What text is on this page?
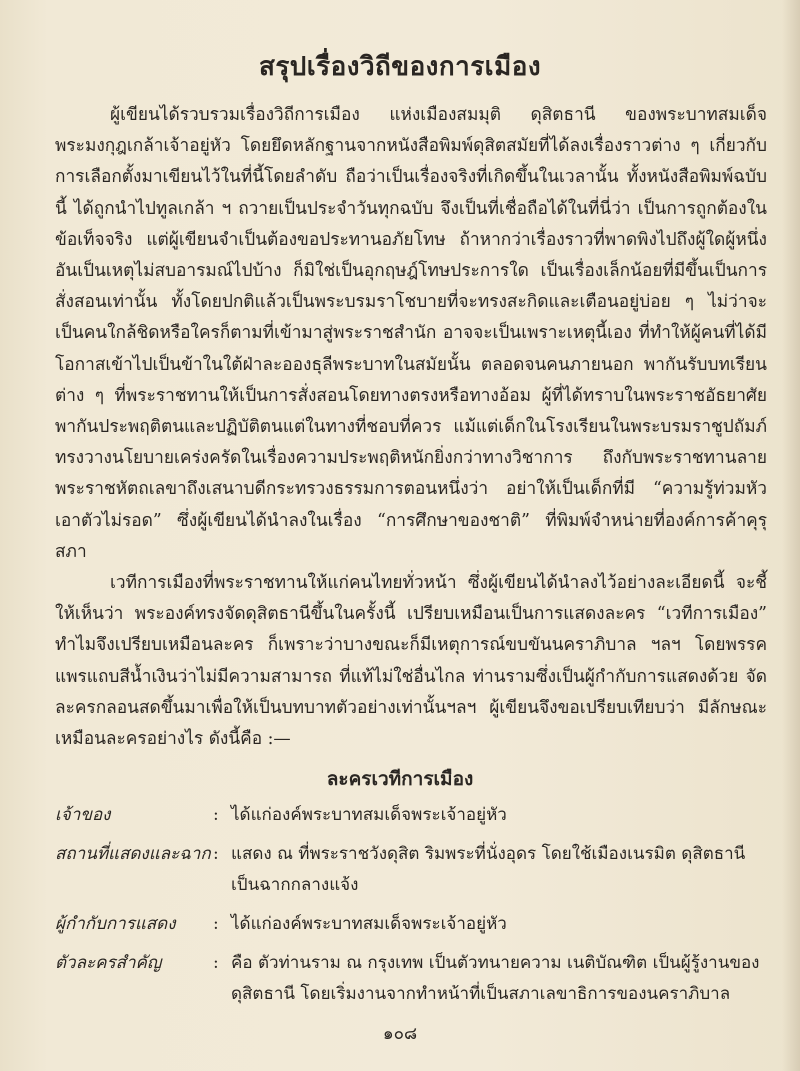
สรุปเรื่องวิถีของการเมือง

ผู้เขียนได้รวบรวมเรื่องวิถีการเมือง แห่งเมืองสมมุติ ดุสิตธานี ของพระบาทสมเด็จพระมงกุฎเกล้าเจ้าอยู่หัว โดยยึดหลักฐานจากหนังสือพิมพ์ดุสิตสมัยที่ได้ลงเรื่องราวต่าง ๆ เกี่ยวกับการเลือกตั้งมาเขียนไว้ในที่นี้โดยลำดับ ถือว่าเป็นเรื่องจริงที่เกิดขึ้นในเวลานั้น ทั้งหนังสือพิมพ์ฉบับนี้ ได้ถูกนำไปทูลเกล้า ฯ ถวายเป็นประจำวันทุกฉบับ จึงเป็นที่เชื่อถือได้ในที่นี่ว่า เป็นการถูกต้องในข้อเท็จจริง แต่ผู้เขียนจำเป็นต้องขอประทานอภัยโทษ ถ้าหากว่าเรื่องราวที่พาดพิงไปถึงผู้ใดผู้หนึ่งอันเป็นเหตุไม่สบอารมณ์ไปบ้าง ก็มิใช่เป็นอุกฤษฎ์โทษประการใด เป็นเรื่องเล็กน้อยที่มีขึ้นเป็นการสั่งสอนเท่านั้น ทั้งโดยปกติแล้วเป็นพระบรมราโชบายที่จะทรงสะกิดและเตือนอยู่บ่อย ๆ ไม่ว่าจะเป็นคนใกล้ชิดหรือใครก็ตามที่เข้ามาสู่พระราชสำนัก อาจจะเป็นเพราะเหตุนี้เอง ที่ทำให้ผู้คนที่ได้มีโอกาสเข้าไปเป็นข้าในใต้ฝ่าละอองธุลีพระบาทในสมัยนั้น ตลอดจนคนภายนอก พากันรับบทเรียนต่าง ๆ ที่พระราชทานให้เป็นการสั่งสอนโดยทางตรงหรือทางอ้อม ผู้ที่ได้ทราบในพระราชอัธยาศัย พากันประพฤติตนและปฏิบัติตนแต่ในทางที่ชอบที่ควร แม้แต่เด็กในโรงเรียนในพระบรมราชูปถัมภ์ ทรงวางนโยบายเคร่งครัดในเรื่องความประพฤติหนักยิ่งกว่าทางวิชาการ ถึงกับพระราชทานลายพระราชหัตถเลขาถึงเสนาบดีกระทรวงธรรมการตอนหนึ่งว่า อย่าให้เป็นเด็กที่มี “ความรู้ท่วมหัวเอาตัวไม่รอด” ซึ่งผู้เขียนได้นำลงในเรื่อง “การศึกษาของชาติ” ที่พิมพ์จำหน่ายที่องค์การค้าคุรุสภา

เวทีการเมืองที่พระราชทานให้แก่คนไทยทั่วหน้า ซึ่งผู้เขียนได้นำลงไว้อย่างละเอียดนี้ จะชี้ให้เห็นว่า พระองค์ทรงจัดดุสิตธานีขึ้นในครั้งนี้ เปรียบเหมือนเป็นการแสดงละคร “เวทีการเมือง” ทำไมจึงเปรียบเหมือนละคร ก็เพราะว่าบางขณะก็มีเหตุการณ์ขบขันนคราภิบาล ฯลฯ โดยพรรคแพรแถบสีน้ำเงินว่าไม่มีความสามารถ ที่แท้ไม่ใช่อื่นไกล ท่านรามซึ่งเป็นผู้กำกับการแสดงด้วย จัดละครกลอนสดขึ้นมาเพื่อให้เป็นบทบาทตัวอย่างเท่านั้นฯลฯ ผู้เขียนจึงขอเปรียบเทียบว่า มีลักษณะเหมือนละครอย่างไร ดังนี้คือ :—

ละครเวทีการเมือง
เจ้าของ	: ได้แก่องค์พระบาทสมเด็จพระเจ้าอยู่หัว
สถานที่แสดงและฉาก : แสดง ณ ที่พระราชวังดุสิต ริมพระที่นั่งอุดร โดยใช้เมืองเนรมิต ดุสิตธานีเป็นฉากกลางแจ้ง
ผู้กำกับการแสดง	: ได้แก่องค์พระบาทสมเด็จพระเจ้าอยู่หัว
ตัวละครสำคัญ	: คือ ตัวท่านราม ณ กรุงเทพ เป็นตัวทนายความ เนติบัณฑิต เป็นผู้รู้งานของดุสิตธานี โดยเริ่มงานจากทำหน้าที่เป็นสภาเลขาธิการของนคราภิบาล
๑๐๘
